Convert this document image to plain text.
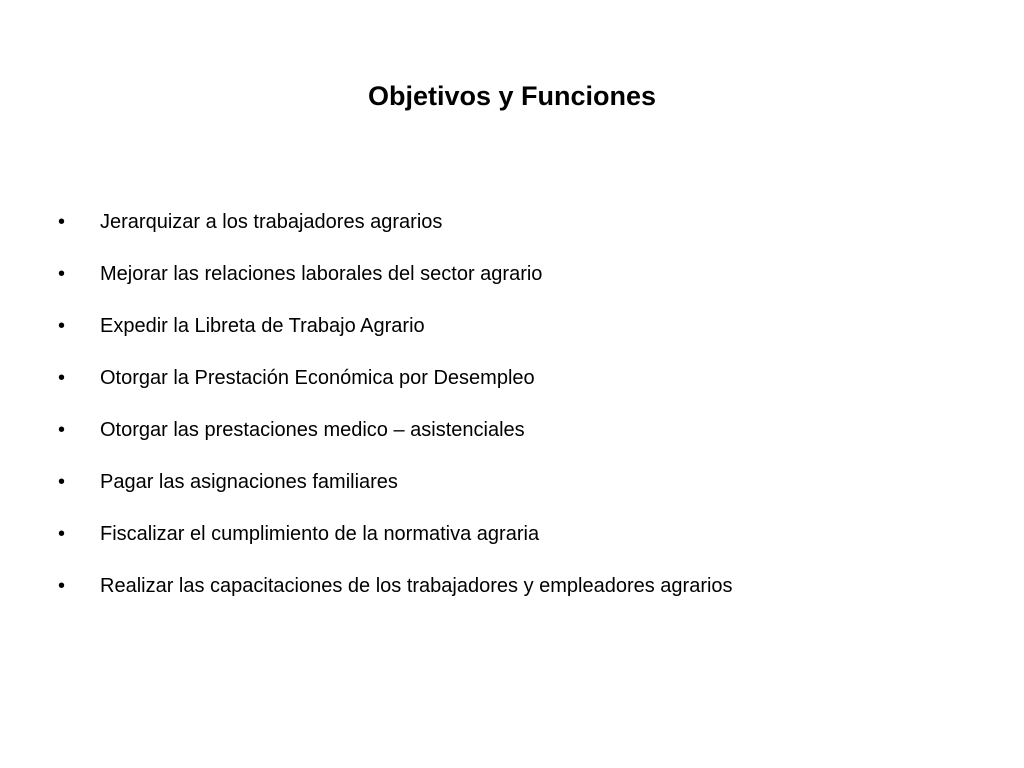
Objetivos y Funciones
•	Jerarquizar a los trabajadores agrarios
•	Mejorar las relaciones laborales del sector agrario
•	Expedir la Libreta de Trabajo Agrario
•	Otorgar la Prestación Económica por Desempleo
•	Otorgar las prestaciones medico – asistenciales
•	Pagar las asignaciones familiares
•	Fiscalizar el cumplimiento de la normativa agraria
•	Realizar las capacitaciones de los trabajadores y empleadores agrarios
